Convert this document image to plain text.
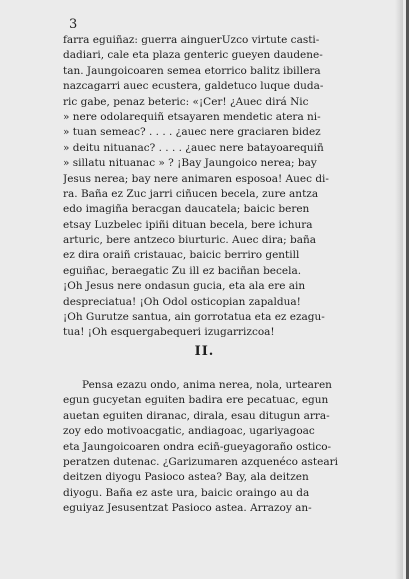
3
farra eguiñaz: guerra ainguerUzco virtute casti-
dadiari, cale eta plaza genteric gueyen daudene-
tan. Jaungoicoaren semea etorrico balitz ibillera
nazcagarri auec ecustera, galdetuco luque duda-
ric gabe, penaz beteric: «¡Cer! ¿Auec dirá Nic
» nere odolarequiñ etsayaren mendetic atera ni-
» tuan semeac? . . . . ¿auec nere graciaren bidez
» deitu nituanac? . . . . ¿auec nere batayoarequiñ
» sillatu nituanac » ? ¡Bay Jaungoico nerea; bay
Jesus nerea; bay nere animaren esposoa! Auec di-
ra. Baña ez Zuc jarri ciñucen becela, zure antza
edo imagiña beracgan daucatela; baicic beren
etsay Luzbelec ipiñi dituan becela, bere ichura
arturic, bere antzeco biurturic. Auec dira; baña
ez dira oraiñ cristauac, baicic berriro gentill
eguiñac, beraegatic Zu ill ez baciñan becela.
¡Oh Jesus nere ondasun gucia, eta ala ere ain
despreciatua! ¡Oh Odol osticopian zapaldua!
¡Oh Gurutze santua, ain gorrotatua eta ez ezagu-
tua! ¡Oh esquergabequeri izugarrizcoa!
II.
Pensa ezazu ondo, anima nerea, nola, urtearen
egun gucyetan eguiten badira ere pecatuac, egun
auetan eguiten diranac, dirala, esau ditugun arra-
zoy edo motivoacgatic, andiagoac, ugariyagoac
eta Jaungoicoaren ondra eciñ-gueyagoraño ostico-
peratzen dutenac. ¿Garizumaren azquenéco asteari
deitzen diyogu Pasioco astea? Bay, ala deitzen
diyogu. Baña ez aste ura, baicic oraingo au da
eguiyaz Jesusentzat Pasioco astea. Arrazoy an-
